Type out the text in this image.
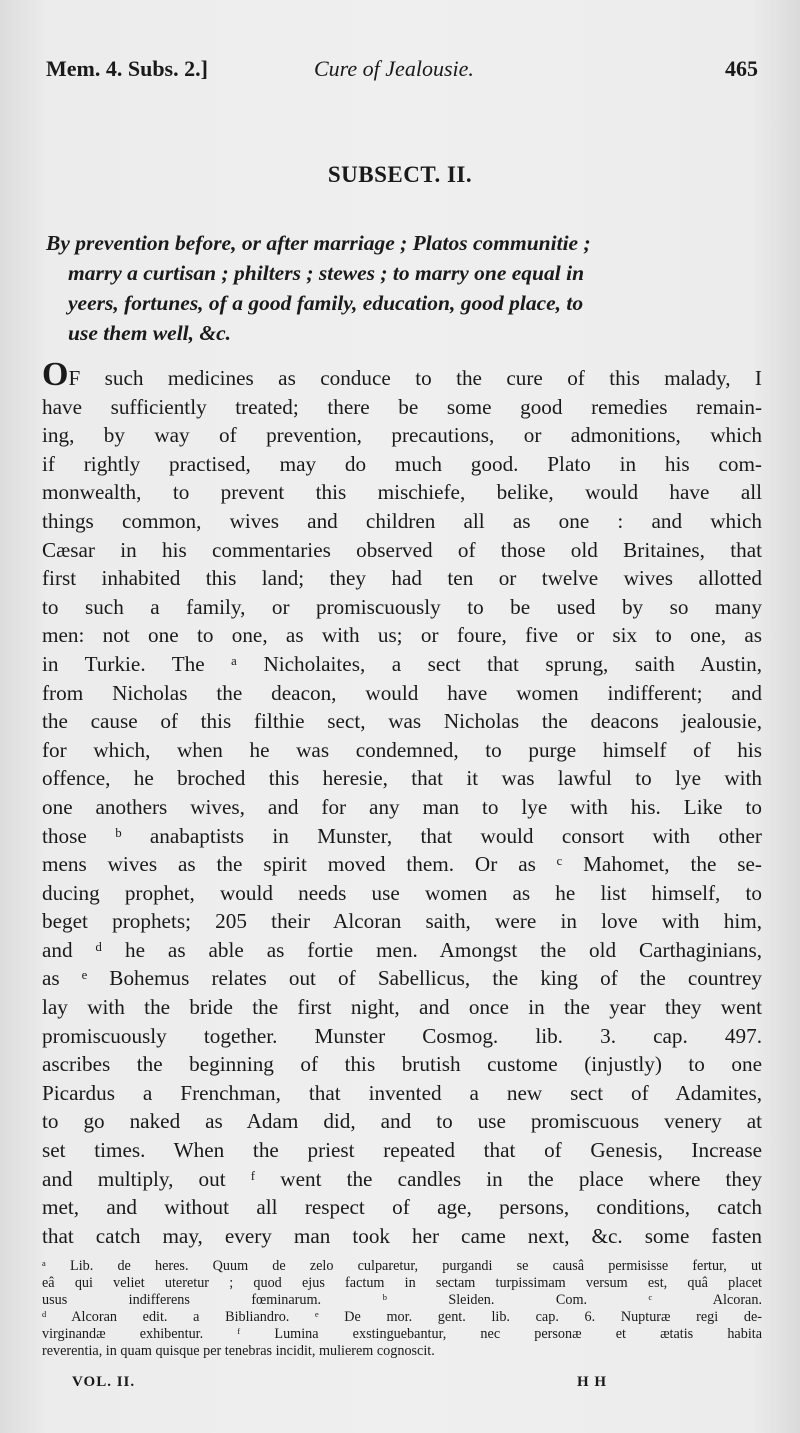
Mem. 4. Subs. 2.]	Cure of Jealousie.	465
SUBSECT. II.
By prevention before, or after marriage ; Platos communitie ;
marry a curtisan ; philters ; stewes ; to marry one equal in
yeers, fortunes, of a good family, education, good place, to
use them well, &c.
OF such medicines as conduce to the cure of this malady, I
have sufficiently treated; there be some good remedies remain-
ing, by way of prevention, precautions, or admonitions, which
if rightly practised, may do much good. Plato in his com-
monwealth, to prevent this mischiefe, belike, would have all
things common, wives and children all as one : and which
Cæsar in his commentaries observed of those old Britaines, that
first inhabited this land; they had ten or twelve wives allotted
to such a family, or promiscuously to be used by so many
men: not one to one, as with us; or foure, five or six to one, as
in Turkie. The ᵃ Nicholaites, a sect that sprung, saith Austin,
from Nicholas the deacon, would have women indifferent; and
the cause of this filthie sect, was Nicholas the deacons jealousie,
for which, when he was condemned, to purge himself of his
offence, he broched this heresie, that it was lawful to lye with
one anothers wives, and for any man to lye with his. Like to
those ᵇ anabaptists in Munster, that would consort with other
mens wives as the spirit moved them. Or as ᶜ Mahomet, the se-
ducing prophet, would needs use women as he list himself, to
beget prophets; 205 their Alcoran saith, were in love with him,
and ᵈ he as able as fortie men. Amongst the old Carthaginians,
as ᵉ Bohemus relates out of Sabellicus, the king of the countrey
lay with the bride the first night, and once in the year they went
promiscuously together. Munster Cosmog. lib. 3. cap. 497.
ascribes the beginning of this brutish custome (injustly) to one
Picardus a Frenchman, that invented a new sect of Adamites,
to go naked as Adam did, and to use promiscuous venery at
set times. When the priest repeated that of Genesis, Increase
and multiply, out ᶠ went the candles in the place where they
met, and without all respect of age, persons, conditions, catch
that catch may, every man took her came next, &c. some fasten
ᵃ Lib. de heres. Quum de zelo culparetur, purgandi se causâ permisisse fertur, ut
eâ qui veliet uteretur ; quod ejus factum in sectam turpissimam versum est, quâ placet
usus indifferens fœminarum. ᵇ Sleiden. Com. ᶜ Alcoran.
ᵈ Alcoran edit. a Bibliandro. ᵉ De mor. gent. lib. cap. 6. Nupturæ regi de-
virginandæ exhibentur. ᶠ Lumina exstinguebantur, nec personæ et ætatis habita
reverentia, in quam quisque per tenebras incidit, mulierem cognoscit.
VOL. II.	H H
